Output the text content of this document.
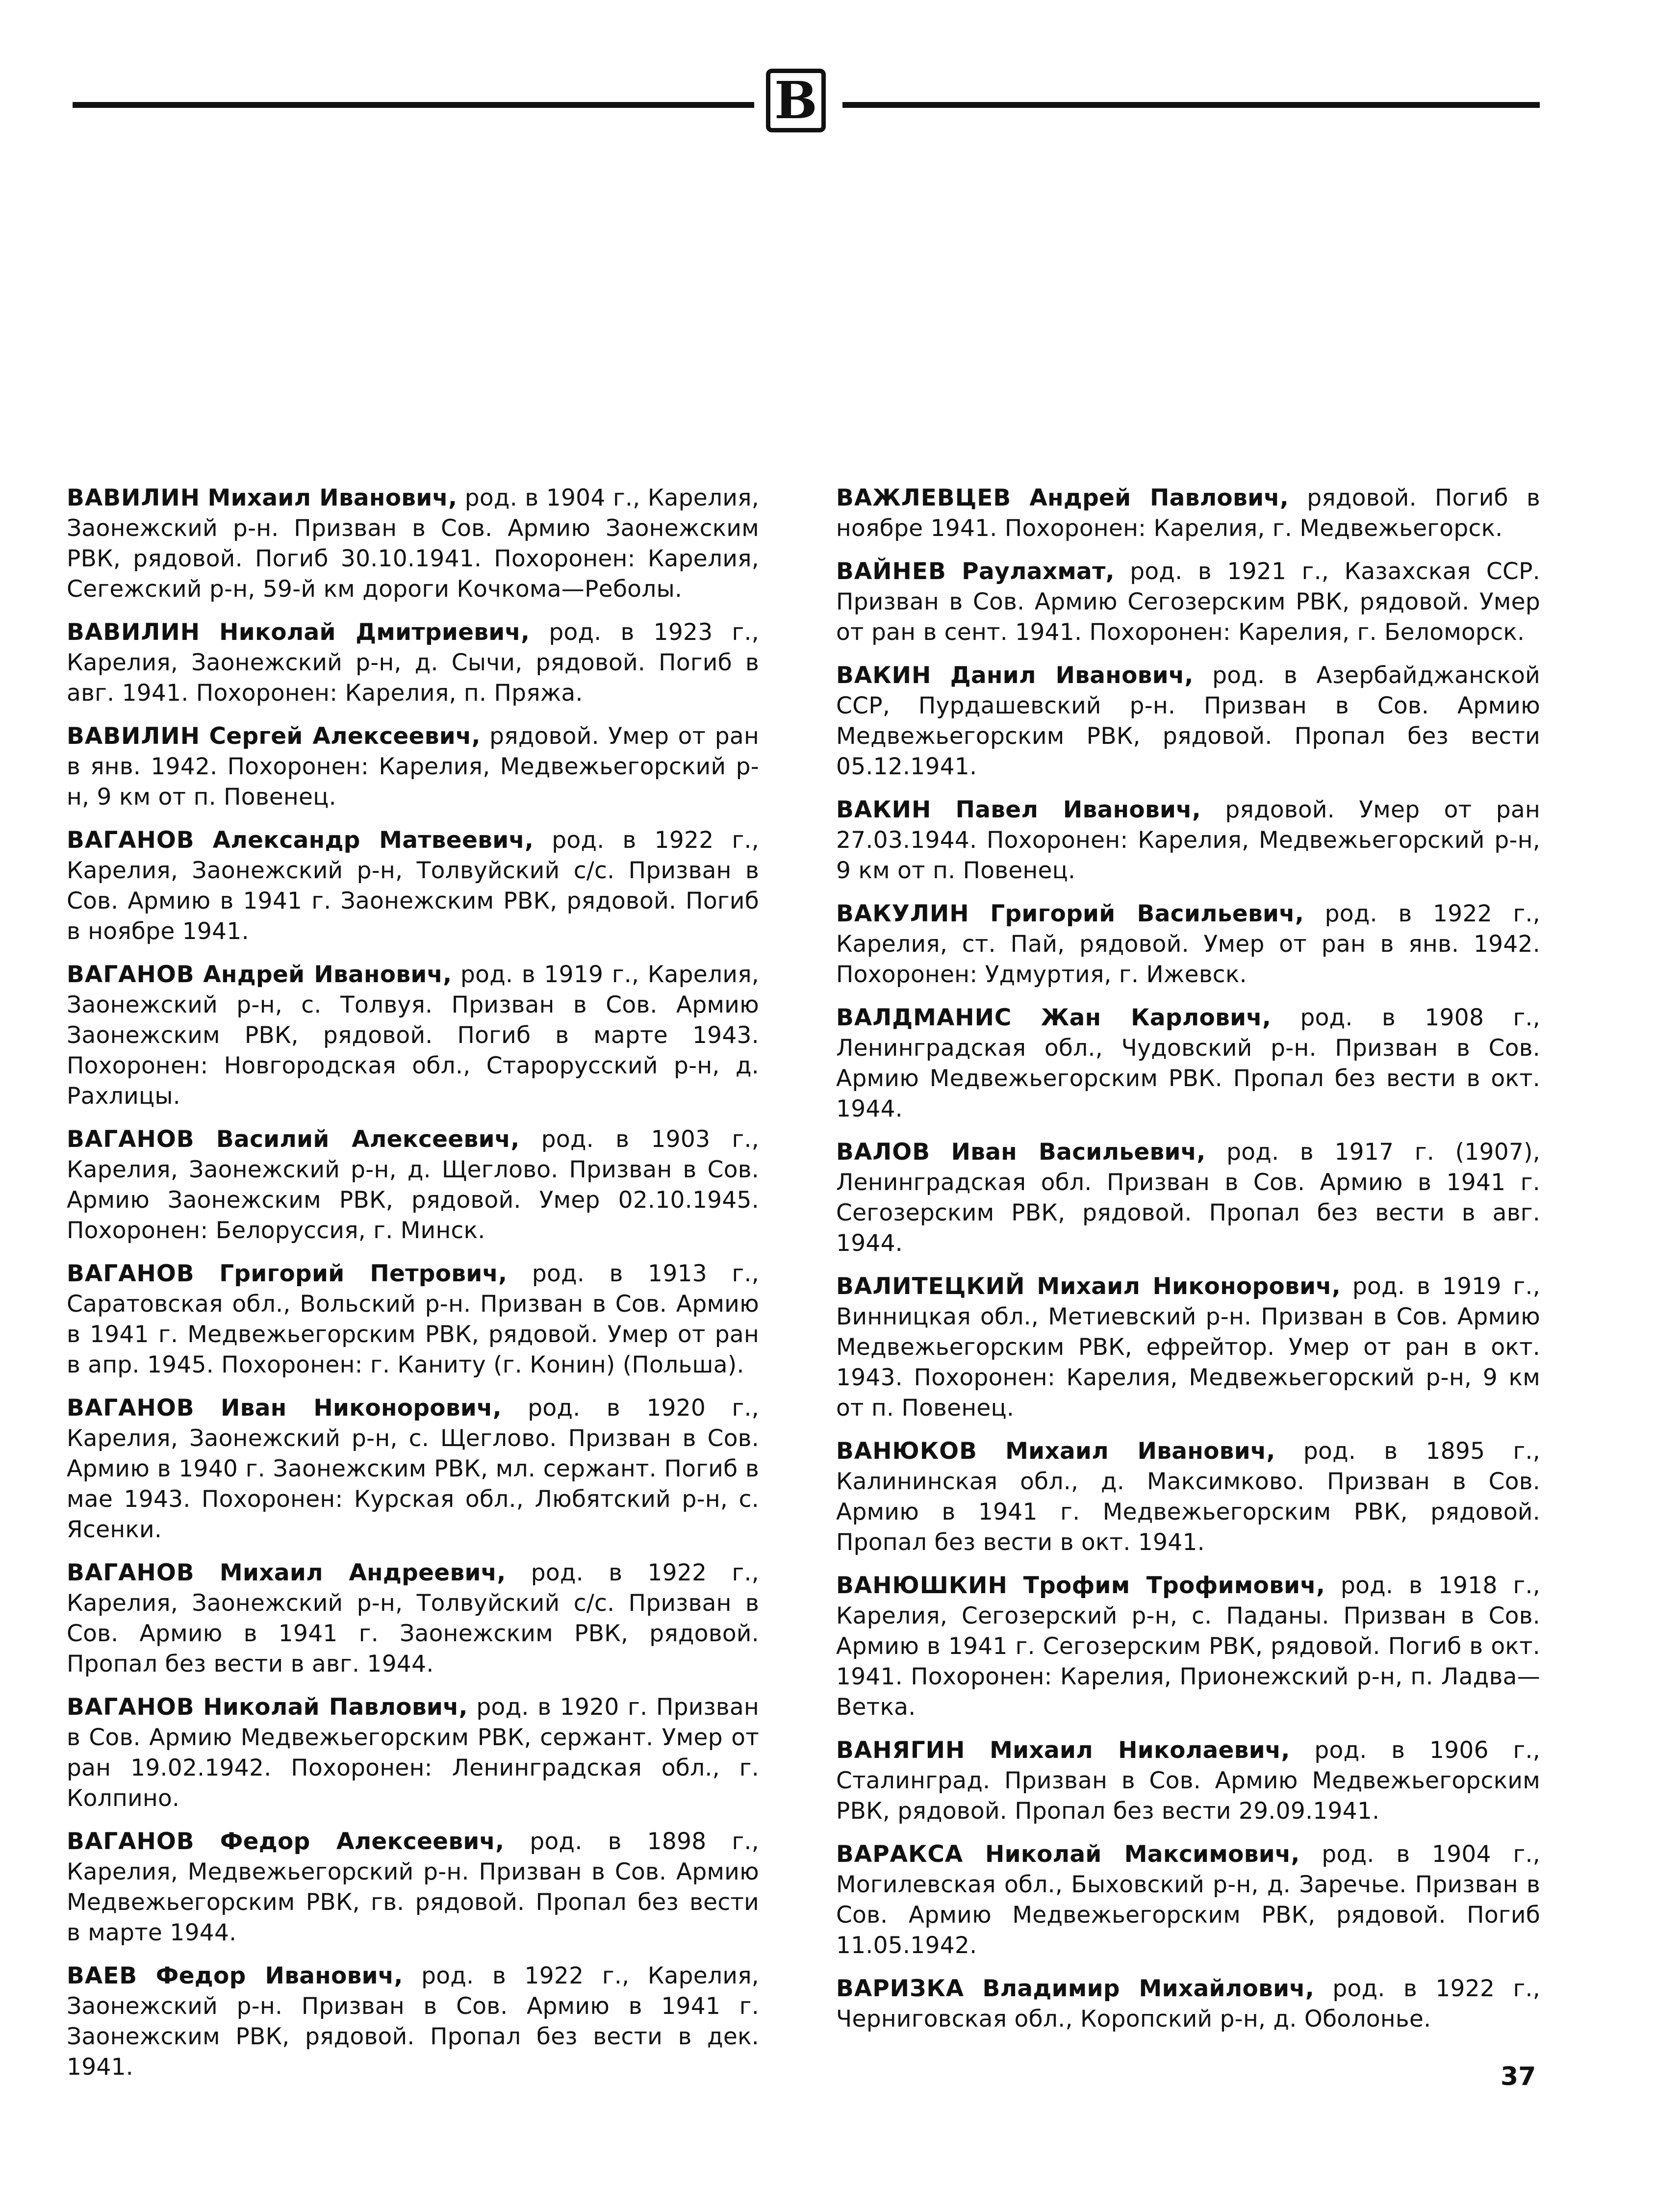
В

ВАВИЛИН Михаил Иванович, род. в 1904 г., Карелия, Заонежский р-н. Призван в Сов. Армию Заонежским РВК, рядовой. Погиб 30.10.1941. Похоронен: Карелия, Сегежский р-н, 59-й км дороги Кочкома—Реболы.

ВАВИЛИН Николай Дмитриевич, род. в 1923 г., Карелия, Заонежский р-н, д. Сычи, рядовой. Погиб в авг. 1941. Похоронен: Карелия, п. Пряжа.

ВАВИЛИН Сергей Алексеевич, рядовой. Умер от ран в янв. 1942. Похоронен: Карелия, Медвежьегорский р-н, 9 км от п. Повенец.

ВАГАНОВ Александр Матвеевич, род. в 1922 г., Карелия, Заонежский р-н, Толвуйский с/с. Призван в Сов. Армию в 1941 г. Заонежским РВК, рядовой. Погиб в ноябре 1941.

ВАГАНОВ Андрей Иванович, род. в 1919 г., Карелия, Заонежский р-н, с. Толвуя. Призван в Сов. Армию Заонежским РВК, рядовой. Погиб в марте 1943. Похоронен: Новгородская обл., Старорусский р-н, д. Рахлицы.

ВАГАНОВ Василий Алексеевич, род. в 1903 г., Карелия, Заонежский р-н, д. Щеглово. Призван в Сов. Армию Заонежским РВК, рядовой. Умер 02.10.1945. Похоронен: Белоруссия, г. Минск.

ВАГАНОВ Григорий Петрович, род. в 1913 г., Саратовская обл., Вольский р-н. Призван в Сов. Армию в 1941 г. Медвежьегорским РВК, рядовой. Умер от ран в апр. 1945. Похоронен: г. Каниту (г. Конин) (Польша).

ВАГАНОВ Иван Никонорович, род. в 1920 г., Карелия, Заонежский р-н, с. Щеглово. Призван в Сов. Армию в 1940 г. Заонежским РВК, мл. сержант. Погиб в мае 1943. Похоронен: Курская обл., Любятский р-н, с. Ясенки.

ВАГАНОВ Михаил Андреевич, род. в 1922 г., Карелия, Заонежский р-н, Толвуйский с/с. Призван в Сов. Армию в 1941 г. Заонежским РВК, рядовой. Пропал без вести в авг. 1944.

ВАГАНОВ Николай Павлович, род. в 1920 г. Призван в Сов. Армию Медвежьегорским РВК, сержант. Умер от ран 19.02.1942. Похоронен: Ленинградская обл., г. Колпино.

ВАГАНОВ Федор Алексеевич, род. в 1898 г., Карелия, Медвежьегорский р-н. Призван в Сов. Армию Медвежьегорским РВК, гв. рядовой. Пропал без вести в марте 1944.

ВАЕВ Федор Иванович, род. в 1922 г., Карелия, Заонежский р-н. Призван в Сов. Армию в 1941 г. Заонежским РВК, рядовой. Пропал без вести в дек. 1941.

ВАЖЛЕВЦЕВ Андрей Павлович, рядовой. Погиб в ноябре 1941. Похоронен: Карелия, г. Медвежьегорск.

ВАЙНЕВ Раулахмат, род. в 1921 г., Казахская ССР. Призван в Сов. Армию Сегозерским РВК, рядовой. Умер от ран в сент. 1941. Похоронен: Карелия, г. Беломорск.

ВАКИН Данил Иванович, род. в Азербайджанской ССР, Пурдашевский р-н. Призван в Сов. Армию Медвежьегорским РВК, рядовой. Пропал без вести 05.12.1941.

ВАКИН Павел Иванович, рядовой. Умер от ран 27.03.1944. Похоронен: Карелия, Медвежьегорский р-н, 9 км от п. Повенец.

ВАКУЛИН Григорий Васильевич, род. в 1922 г., Карелия, ст. Пай, рядовой. Умер от ран в янв. 1942. Похоронен: Удмуртия, г. Ижевск.

ВАЛДМАНИС Жан Карлович, род. в 1908 г., Ленинградская обл., Чудовский р-н. Призван в Сов. Армию Медвежьегорским РВК. Пропал без вести в окт. 1944.

ВАЛОВ Иван Васильевич, род. в 1917 г. (1907), Ленинградская обл. Призван в Сов. Армию в 1941 г. Сегозерским РВК, рядовой. Пропал без вести в авг. 1944.

ВАЛИТЕЦКИЙ Михаил Никонорович, род. в 1919 г., Винницкая обл., Метиевский р-н. Призван в Сов. Армию Медвежьегорским РВК, ефрейтор. Умер от ран в окт. 1943. Похоронен: Карелия, Медвежьегорский р-н, 9 км от п. Повенец.

ВАНЮКОВ Михаил Иванович, род. в 1895 г., Калининская обл., д. Максимково. Призван в Сов. Армию в 1941 г. Медвежьегорским РВК, рядовой. Пропал без вести в окт. 1941.

ВАНЮШКИН Трофим Трофимович, род. в 1918 г., Карелия, Сегозерский р-н, с. Паданы. Призван в Сов. Армию в 1941 г. Сегозерским РВК, рядовой. Погиб в окт. 1941. Похоронен: Карелия, Прионежский р-н, п. Ладва—Ветка.

ВАНЯГИН Михаил Николаевич, род. в 1906 г., Сталинград. Призван в Сов. Армию Медвежьегорским РВК, рядовой. Пропал без вести 29.09.1941.

ВАРАКСА Николай Максимович, род. в 1904 г., Могилевская обл., Быховский р-н, д. Заречье. Призван в Сов. Армию Медвежьегорским РВК, рядовой. Погиб 11.05.1942.

ВАРИЗКА Владимир Михайлович, род. в 1922 г., Черниговская обл., Коропский р-н, д. Оболонье.

37
